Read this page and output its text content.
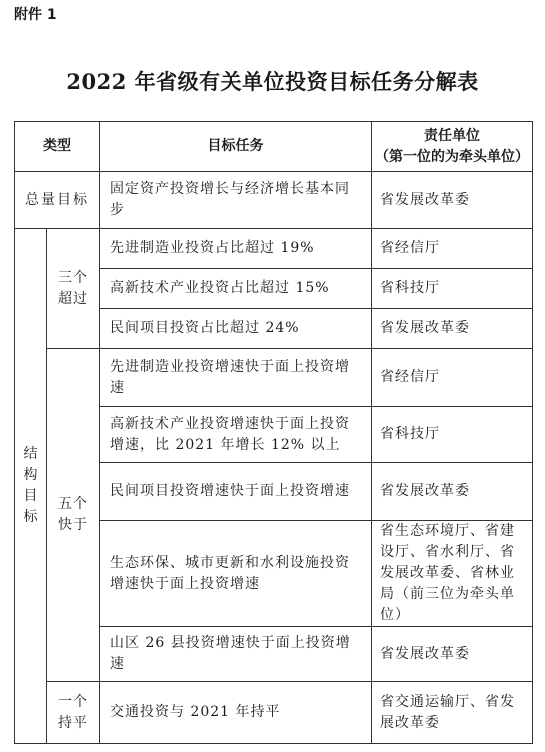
附件 1
2022 年省级有关单位投资目标任务分解表
类型		目标任务	责任单位
（第一位的为牵头单位）

总量目标		固定资产投资增长与经济增长基本同步	省发展改革委
结构目标	三个超过	先进制造业投资占比超过 19%	省经信厅
		高新技术产业投资占比超过 15%	省科技厅
		民间项目投资占比超过 24%	省发展改革委
	五个快于	先进制造业投资增速快于面上投资增速	省经信厅
		高新技术产业投资增速快于面上投资增速，比 2021 年增长 12% 以上	省科技厅
		民间项目投资增速快于面上投资增速	省发展改革委
		生态环保、城市更新和水利设施投资增速快于面上投资增速	省生态环境厅、省建设厅、省水利厅、省发展改革委、省林业局（前三位为牵头单位）
		山区 26 县投资增速快于面上投资增速	省发展改革委
	一个持平	交通投资与 2021 年持平	省交通运输厅、省发展改革委
